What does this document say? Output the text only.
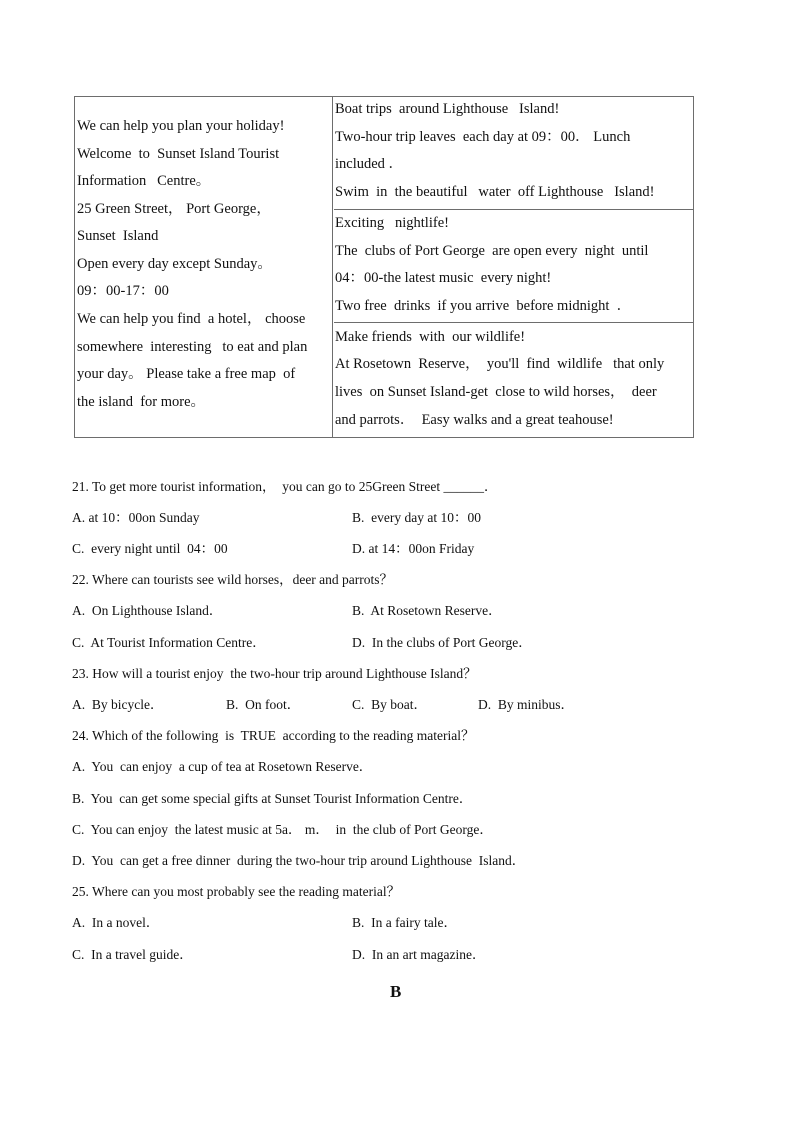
We can help you plan your holiday!
Welcome  to  Sunset Island Tourist
Information   Centre。
25 Green Street， Port George，
Sunset  Island
Open every day except Sunday。
09：00-17：00
We can help you find  a hotel， choose
somewhere  interesting   to eat and plan
your day。 Please take a free map  of
the island  for more。
Boat trips  around Lighthouse   Island!
Two-hour trip leaves  each day at 09：00． Lunch
included ．
Swim  in  the beautiful   water  off Lighthouse   Island!
Exciting   nightlife!
The  clubs of Port George  are open every  night  until
04：00-the latest music  every night!
Two free  drinks  if you arrive  before midnight  ．
Make friends  with  our wildlife!
At Rosetown  Reserve，  you'll  find  wildlife   that only
lives  on Sunset Island-get  close to wild horses，  deer
and parrots．  Easy walks and a great teahouse!
21. To get more tourist information，  you can go to 25Green Street ______．
A. at 10：00on Sunday	B.  every day at 10：00
C.  every night until  04：00	D. at 14：00on Friday
22. Where can tourists see wild horses，deer and parrots？
A.  On Lighthouse Island．	B.  At Rosetown Reserve．
C.  At Tourist Information Centre．	D.  In the clubs of Port George．
23. How will a tourist enjoy  the two-hour trip around Lighthouse Island？
A.  By bicycle．	B.  On foot．	C.  By boat．	D.  By minibus．
24. Which of the following  is  TRUE  according to the reading material？
A.  You  can enjoy  a cup of tea at Rosetown Reserve．
B.  You  can get some special gifts at Sunset Tourist Information Centre．
C.  You can enjoy  the latest music at 5a． m．  in  the club of Port George．
D.  You  can get a free dinner  during the two-hour trip around Lighthouse  Island．
25. Where can you most probably see the reading material？
A.  In a novel．	B.  In a fairy tale．
C.  In a travel guide．	D.  In an art magazine．
B
